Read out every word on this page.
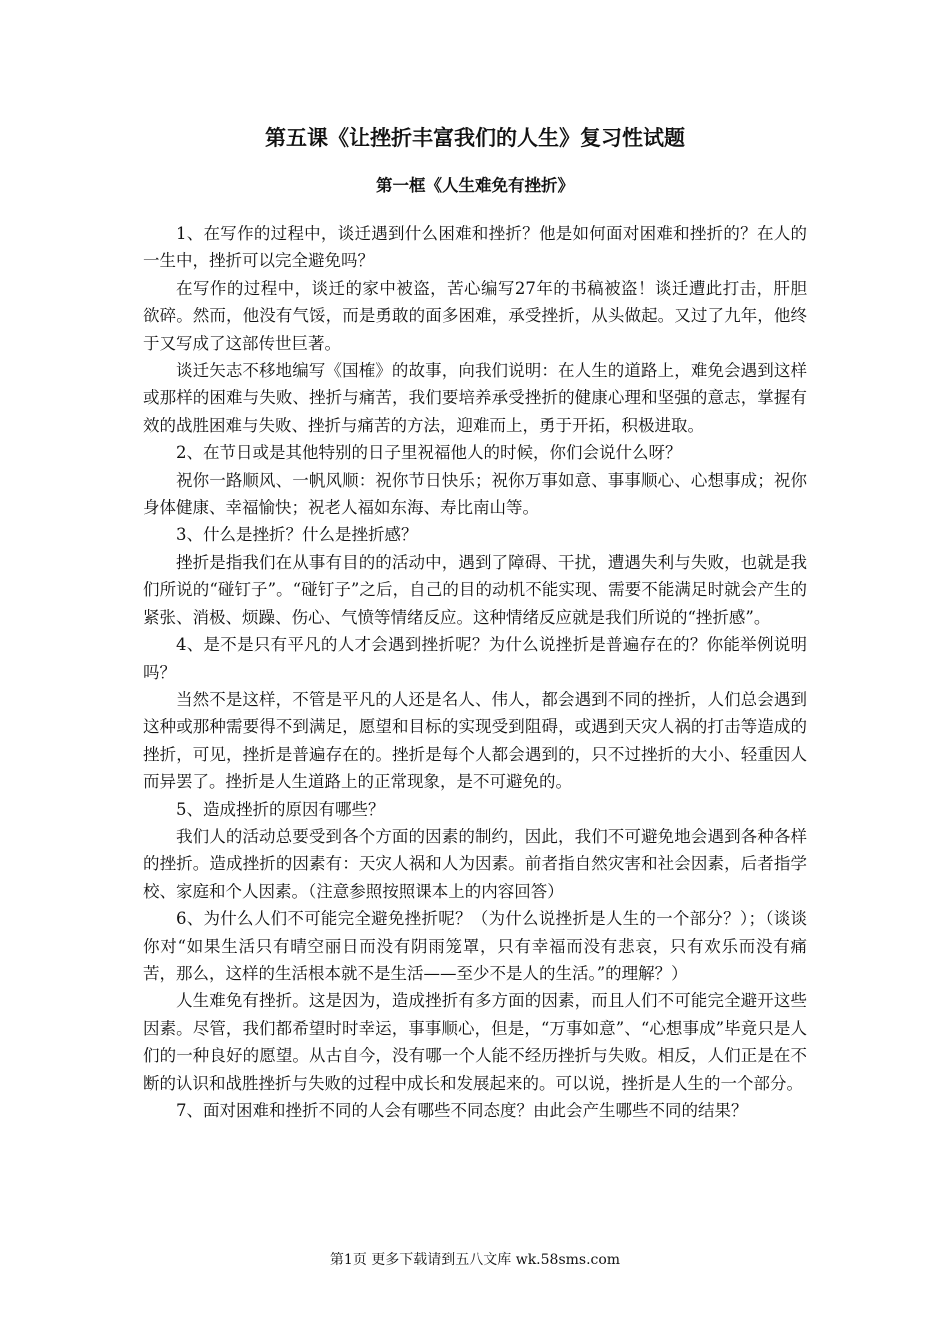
第五课《让挫折丰富我们的人生》复习性试题
第一框《人生难免有挫折》

1、在写作的过程中，谈迁遇到什么困难和挫折？他是如何面对困难和挫折的？在人的一生中，挫折可以完全避免吗？

在写作的过程中，谈迁的家中被盗，苦心编写27年的书稿被盗！谈迁遭此打击，肝胆欲碎。然而，他没有气馁，而是勇敢的面多困难，承受挫折，从头做起。又过了九年，他终于又写成了这部传世巨著。

谈迁矢志不移地编写《国榷》的故事，向我们说明：在人生的道路上，难免会遇到这样或那样的困难与失败、挫折与痛苦，我们要培养承受挫折的健康心理和坚强的意志，掌握有效的战胜困难与失败、挫折与痛苦的方法，迎难而上，勇于开拓，积极进取。

2、在节日或是其他特别的日子里祝福他人的时候，你们会说什么呀？

祝你一路顺风、一帆风顺：祝你节日快乐；祝你万事如意、事事顺心、心想事成；祝你身体健康、幸福愉快；祝老人福如东海、寿比南山等。

3、什么是挫折？什么是挫折感？

挫折是指我们在从事有目的的活动中，遇到了障碍、干扰，遭遇失利与失败，也就是我们所说的“碰钉子”。“碰钉子”之后，自己的目的动机不能实现、需要不能满足时就会产生的紧张、消极、烦躁、伤心、气愤等情绪反应。这种情绪反应就是我们所说的“挫折感”。

4、是不是只有平凡的人才会遇到挫折呢？为什么说挫折是普遍存在的？你能举例说明吗？

当然不是这样，不管是平凡的人还是名人、伟人，都会遇到不同的挫折，人们总会遇到这种或那种需要得不到满足，愿望和目标的实现受到阻碍，或遇到天灾人祸的打击等造成的挫折，可见，挫折是普遍存在的。挫折是每个人都会遇到的，只不过挫折的大小、轻重因人而异罢了。挫折是人生道路上的正常现象，是不可避免的。

5、造成挫折的原因有哪些？

我们人的活动总要受到各个方面的因素的制约，因此，我们不可避免地会遇到各种各样的挫折。造成挫折的因素有：天灾人祸和人为因素。前者指自然灾害和社会因素，后者指学校、家庭和个人因素。（注意参照按照课本上的内容回答）

6、为什么人们不可能完全避免挫折呢？（为什么说挫折是人生的一个部分？）；（谈谈你对“如果生活只有晴空丽日而没有阴雨笼罩，只有幸福而没有悲哀，只有欢乐而没有痛苦，那么，这样的生活根本就不是生活——至少不是人的生活。”的理解？）

人生难免有挫折。这是因为，造成挫折有多方面的因素，而且人们不可能完全避开这些因素。尽管，我们都希望时时幸运，事事顺心，但是，“万事如意”、“心想事成”毕竟只是人们的一种良好的愿望。从古自今，没有哪一个人能不经历挫折与失败。相反，人们正是在不断的认识和战胜挫折与失败的过程中成长和发展起来的。可以说，挫折是人生的一个部分。

7、面对困难和挫折不同的人会有哪些不同态度？由此会产生哪些不同的结果？

第1页 更多下载请到五八文库 wk.58sms.com
